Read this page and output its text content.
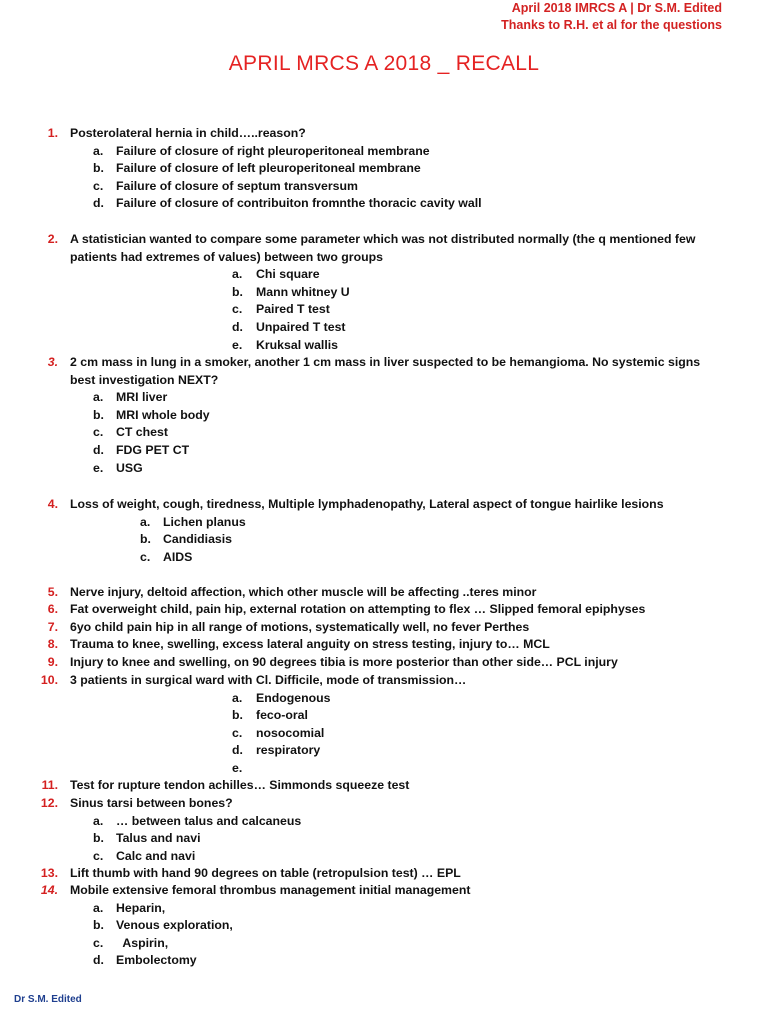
April 2018 IMRCS A | Dr S.M. Edited
Thanks to R.H. et al for the questions
APRIL MRCS A 2018 _ RECALL
1. Posterolateral hernia in child…..reason?
a. Failure of closure of right pleuroperitoneal membrane
b. Failure of closure of left pleuroperitoneal membrane
c. Failure of closure of septum transversum
d. Failure of closure of contribuiton fromnthe thoracic cavity wall
2. A statistician wanted to compare some parameter which was not distributed normally (the q mentioned few
patients had extremes of values) between two groups
a. Chi square
b. Mann whitney U
c. Paired T test
d. Unpaired T test
e. Kruksal wallis
3. 2 cm mass in lung in a smoker, another 1 cm mass in liver suspected to be hemangioma. No systemic signs
best investigation NEXT?
a. MRI liver
b. MRI whole body
c. CT chest
d. FDG PET CT
e. USG
4. Loss of weight, cough, tiredness, Multiple lymphadenopathy, Lateral aspect of tongue hairlike lesions
a. Lichen planus
b. Candidiasis
c. AIDS
5. Nerve injury, deltoid affection, which other muscle will be affecting ..teres minor
6. Fat overweight child, pain hip, external rotation on attempting to flex … Slipped femoral epiphyses
7. 6yo child pain hip in all range of motions, systematically well, no fever Perthes
8. Trauma to knee, swelling, excess lateral anguity on stress testing, injury to… MCL
9. Injury to knee and swelling, on 90 degrees tibia is more posterior than other side… PCL injury
10. 3 patients in surgical ward with Cl. Difficile, mode of transmission…
a. Endogenous
b. feco-oral
c. nosocomial
d. respiratory
e.
11. Test for rupture tendon achilles… Simmonds squeeze test
12. Sinus tarsi between bones?
a. … between talus and calcaneus
b. Talus and navi
c. Calc and navi
13. Lift thumb with hand 90 degrees on table (retropulsion test) … EPL
14. Mobile extensive femoral thrombus management initial management
a. Heparin,
b. Venous exploration,
c. Aspirin,
d. Embolectomy
Dr S.M. Edited
